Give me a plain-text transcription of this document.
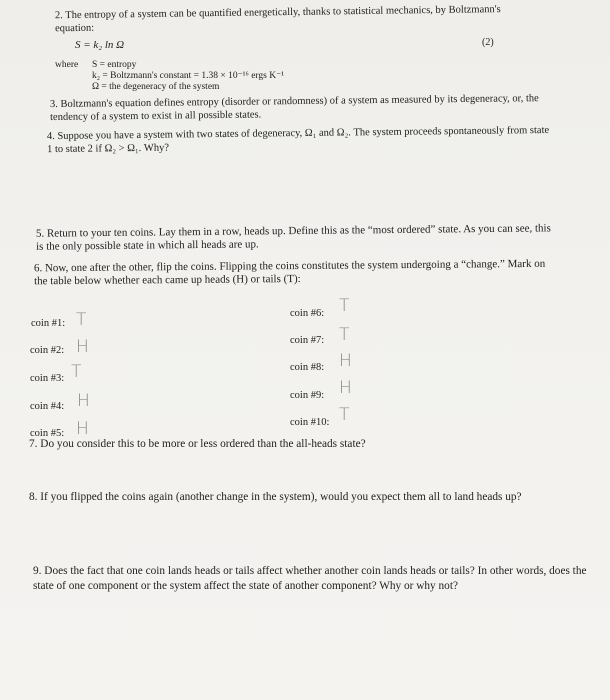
2. The entropy of a system can be quantified energetically, thanks to statistical mechanics, by Boltzmann's equation:
S = k₂ ln Ω	(2)
where S = entropy
k₂ = Boltzmann's constant = 1.38 × 10⁻¹⁶ ergs K⁻¹
Ω = the degeneracy of the system
3. Boltzmann's equation defines entropy (disorder or randomness) of a system as measured by its degeneracy, or, the tendency of a system to exist in all possible states.
4. Suppose you have a system with two states of degeneracy, Ω₁ and Ω₂. The system proceeds spontaneously from state 1 to state 2 if Ω₂ > Ω₁. Why?
5. Return to your ten coins. Lay them in a row, heads up. Define this as the “most ordered” state. As you can see, this is the only possible state in which all heads are up.
6. Now, one after the other, flip the coins. Flipping the coins constitutes the system undergoing a “change.” Mark on the table below whether each came up heads (H) or tails (T):
coin #1: T
coin #2: H
coin #3: T
coin #4: H
coin #5: H
coin #6: T
coin #7: T
coin #8: H
coin #9: H
coin #10: T
7. Do you consider this to be more or less ordered than the all-heads state?
8. If you flipped the coins again (another change in the system), would you expect them all to land heads up?
9. Does the fact that one coin lands heads or tails affect whether another coin lands heads or tails? In other words, does the state of one component or the system affect the state of another component? Why or why not?
